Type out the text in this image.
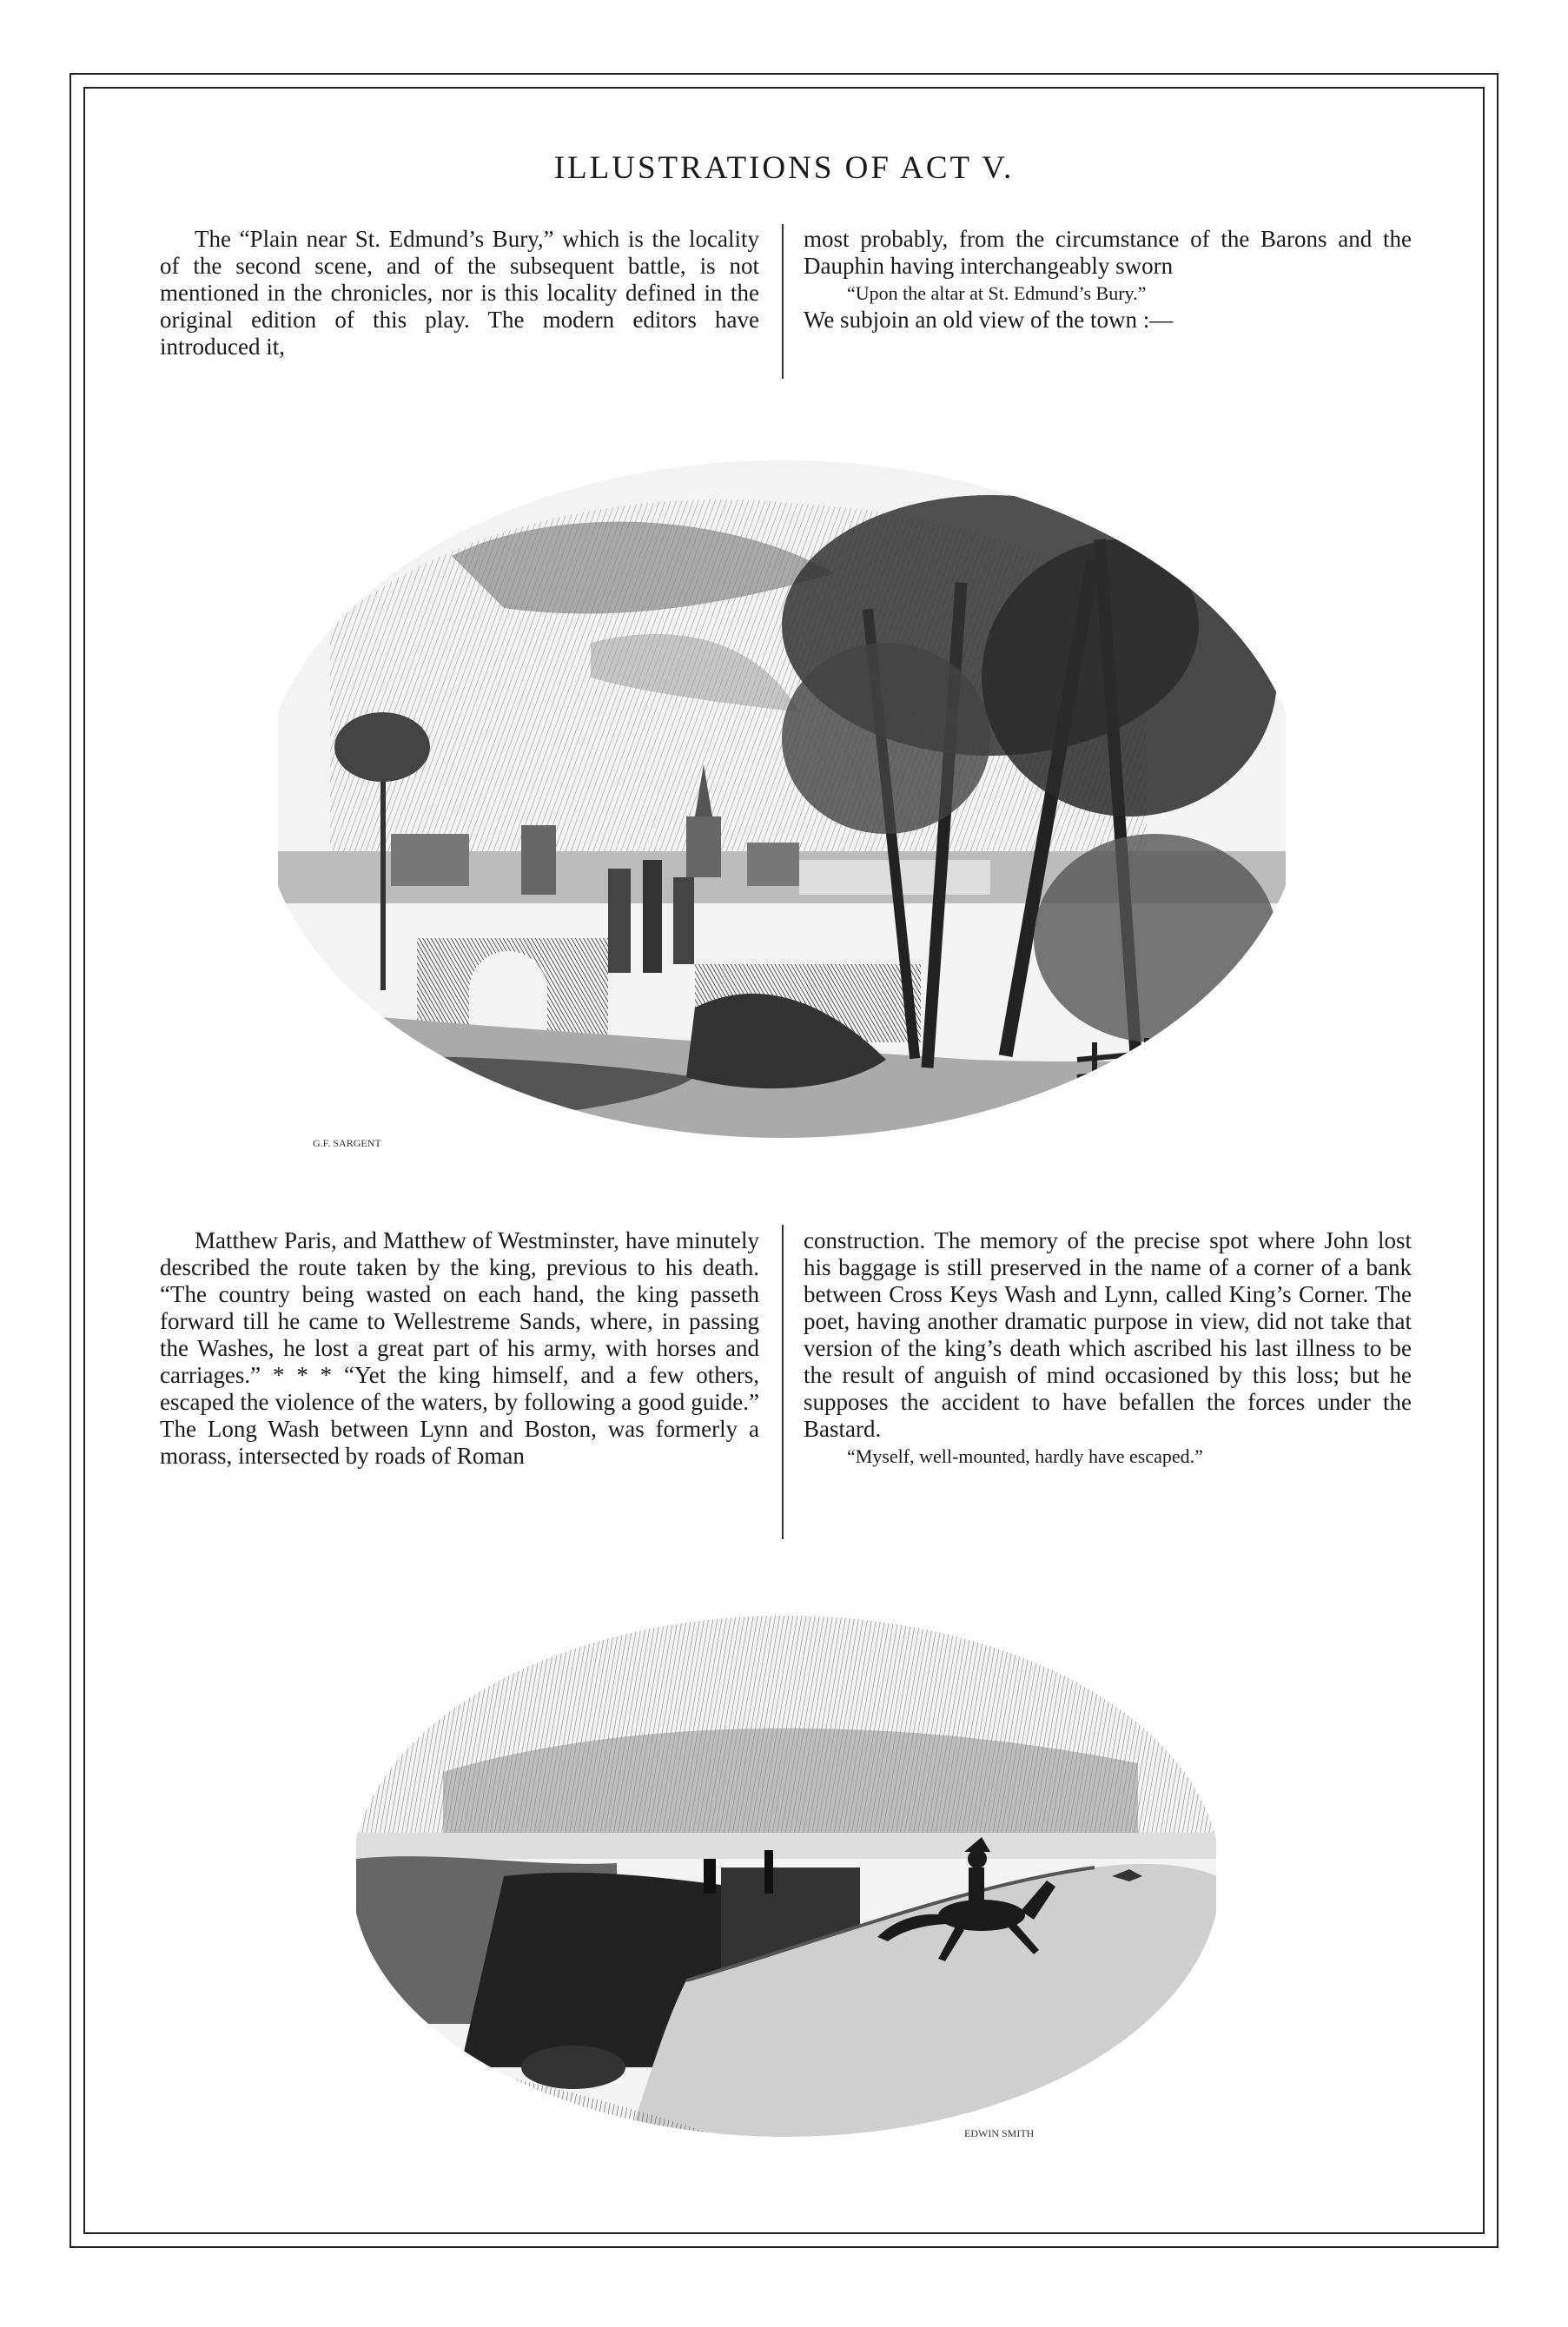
ILLUSTRATIONS OF ACT V.

The “Plain near St. Edmund’s Bury,” which is the locality of the second scene, and of the subsequent battle, is not mentioned in the chronicles, nor is this locality defined in the original edition of this play. The modern editors have introduced it,

most probably, from the circumstance of the Barons and the Dauphin having interchangeably sworn

“Upon the altar at St. Edmund’s Bury.”

We subjoin an old view of the town :—

G.F. SARGENT

Matthew Paris, and Matthew of Westminster, have minutely described the route taken by the king, previous to his death. “The country being wasted on each hand, the king passeth forward till he came to Wellestreme Sands, where, in passing the Washes, he lost a great part of his army, with horses and carriages.” * * * “Yet the king himself, and a few others, escaped the violence of the waters, by following a good guide.” The Long Wash between Lynn and Boston, was formerly a morass, intersected by roads of Roman

construction. The memory of the precise spot where John lost his baggage is still preserved in the name of a corner of a bank between Cross Keys Wash and Lynn, called King’s Corner. The poet, having another dramatic purpose in view, did not take that version of the king’s death which ascribed his last illness to be the result of anguish of mind occasioned by this loss; but he supposes the accident to have befallen the forces under the Bastard.

“Myself, well-mounted, hardly have escaped.”

EDWIN SMITH
